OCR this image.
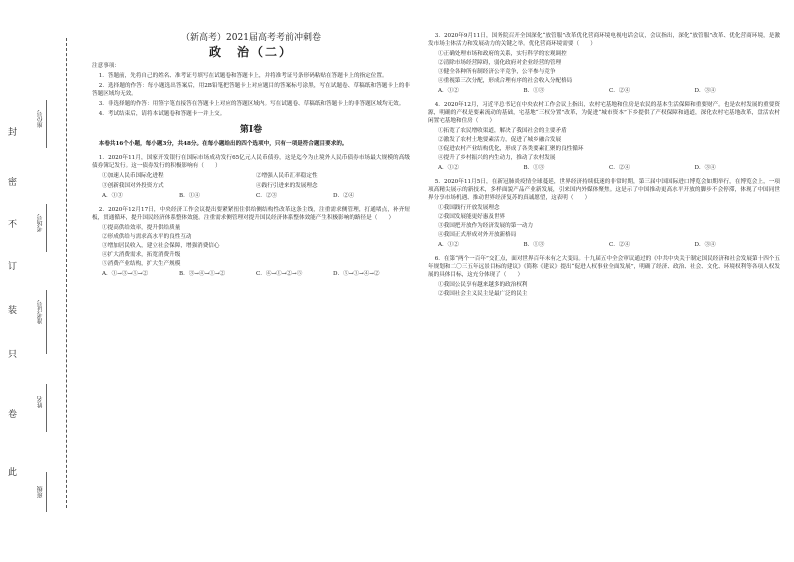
封
密
不
订
装
只
卷
此
座位号
考场号
准考证号
姓名
班级
（新高考）2021届高考考前冲刺卷
政　治（二）
注意事项：
1．答题前，先将自己的姓名、准考证号填写在试题卷和答题卡上，并将准考证号条形码粘贴在答题卡上的指定位置。
2．选择题的作答：每小题选出答案后，用2B铅笔把答题卡上对应题目的答案标号涂黑，写在试题卷、草稿纸和答题卡上的非答题区域均无效。
3．非选择题的作答：用签字笔直接答在答题卡上对应的答题区域内。写在试题卷、草稿纸和答题卡上的非答题区域均无效。
4．考试结束后，请将本试题卷和答题卡一并上交。
第Ⅰ卷
本卷共16个小题，每小题3分，共48分。在每小题给出的四个选项中，只有一项是符合题目要求的。
1．2020年11月，国家开发银行在国际市场成功发行65亿元人民币债券，这是迄今为止境外人民币债券市场最大规模的高级债券簿记发行。这一债券发行的积极影响有（　　）
①加速人民币国际化进程	②增强人民币汇率稳定性
③创新我国对外投资方式	④践行引进来的发展理念
A．①③	B．①④	C．②③	D．②④
2．2020年12月17日，中央经济工作会议提出要紧紧扭住供给侧结构性改革这条主线，注重需求侧管理，打通堵点，补齐短板，贯通循环，提升国民经济体系整体效能。注重需求侧管理对提升国民经济体系整体效能产生积极影响的路径是（　　）
①提高供给效率，提升供给质量
②形成供给与需求高水平的良性互动
③增加居民收入，建立社会保障，增强消费信心
④扩大消费需求，拓宽消费升级
⑤消费产业结构，扩大生产规模
A．①→③→⑤→②	B．③→④→①→②	C．④→①→②→⑤	D．⑤→①→④→②
3．2020年9月11日，国务院召开全国深化“放管服”改革优化营商环境电视电话会议，会议指出，深化“放管服”改革、优化营商环境，是激发市场主体活力和发展动力的关键之举。优化营商环境需要（　　）
①正确处理市场和政府的关系，实行科学的宏观调控
②清除市场经营障碍，弱化政府对企业经营的管理
③健全各种所有制经济公平竞争，公平参与竞争
④重视第三次分配，形成合理有序的社会收入分配格局
A．①②	B．①③	C．②④	D．③④
4．2020年12月，习近平总书记在中央农村工作会议上指出，农村宅基地和住房是农民的基本生活保障和重要财产。也是农村发展的重要资源，明确的产权是要素流动的基础，宅基地“三权分置”改革，为促进“城市资本”下乡提供了产权保障和通道，深化农村宅基地改革，盘活农村闲置宅基地和住房（　　）
①拓宽了农民增收渠道，解决了我国社会的主要矛盾
②激发了农村土地要素活力，促进了城乡融合发展
③促进农村产业结构优化，形成了各类要素汇聚的良性循环
④提升了乡村振兴的内生动力，推动了农村发展
A．①②	B．①③	C．②④	D．③④
5．2020年11月5日，在新冠肺炎疫情全球蔓延，世界经济持续低迷的非常时期，第三届中国国际进口博览会如期举行，在博览会上，一项项高精尖展示的新技术，多样面貌产品产业新发展，引来国内外媒体聚焦。这是示了中国推动更高水平开放的脚步不会停滞，体现了中国同世界分享市场机遇、推动世界经济复苏的真诚愿望，这表明（　　）
①我国践行开放发展理念
②我国发展能更好惠及世界
③我国把开放作为经济发展的第一动力
④我国正式形成对外开放新格局
A．①②	B．①③	C．②④	D．③④
6．在第“两个一百年”交汇点，面对世界百年未有之大变局。十九届五中全会审议通过的《中共中央关于制定国民经济和社会发展第十四个五年规划和二〇三五年远景目标的建议》《简称《建议》提出“促进人权事业全面发展”，明确了经济、政治、社会、文化、环境权利等各项人权发展的具体目标，这充分体现了（　　）
①我国公民享有越来越多的政治权利
②我国社会主义民主是最广泛的民主
